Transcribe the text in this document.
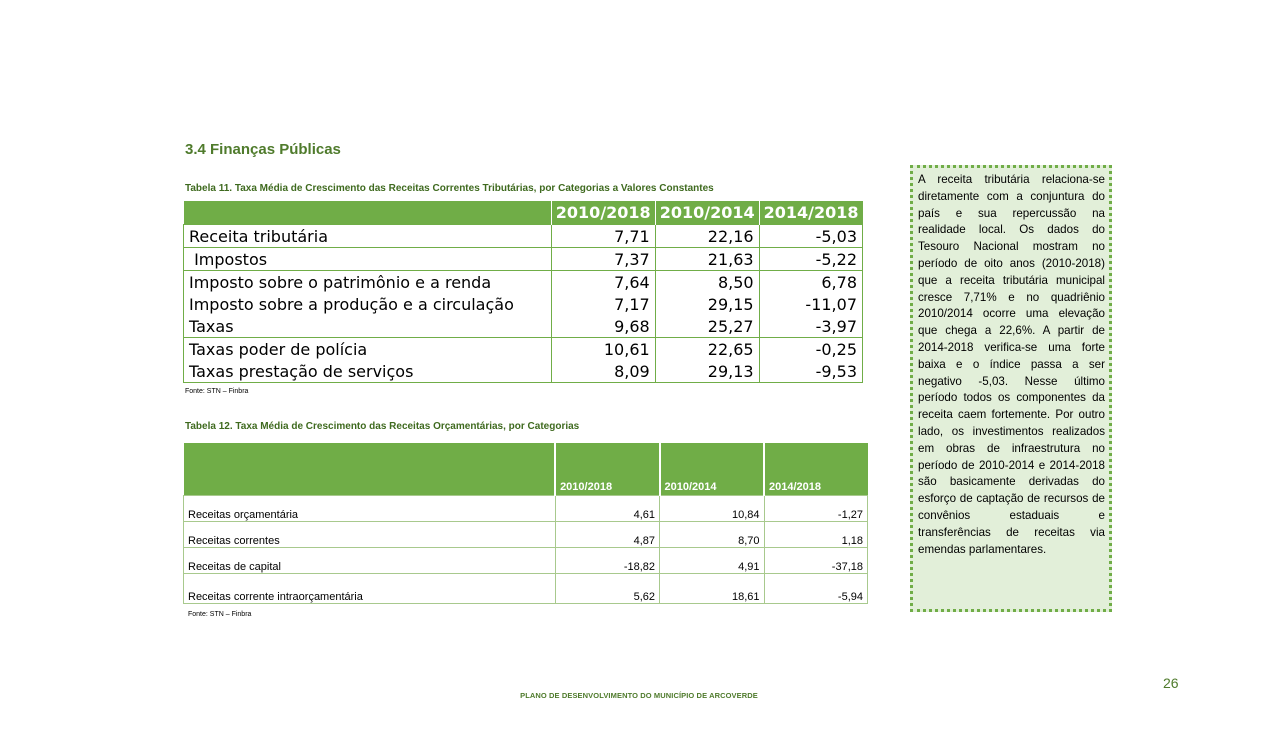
3.4 Finanças Públicas
Tabela 11. Taxa Média de Crescimento das Receitas Correntes Tributárias, por Categorias a Valores Constantes
	2010/2018	2010/2014	2014/2018
Receita tributária	7,71	22,16	-5,03
Impostos	7,37	21,63	-5,22
Imposto sobre o patrimônio e a renda	7,64	8,50	6,78
Imposto sobre a produção e a circulação	7,17	29,15	-11,07
Taxas	9,68	25,27	-3,97
Taxas poder de polícia	10,61	22,65	-0,25
Taxas prestação de serviços	8,09	29,13	-9,53
Fonte: STN – Finbra
Tabela 12. Taxa Média de Crescimento das Receitas Orçamentárias, por Categorias
	2010/2018	2010/2014	2014/2018
Receitas orçamentária	4,61	10,84	-1,27
Receitas correntes	4,87	8,70	1,18
Receitas de capital	-18,82	4,91	-37,18
Receitas corrente intraorçamentária	5,62	18,61	-5,94
Fonte: STN – Finbra
A receita tributária relaciona-se diretamente com a conjuntura do país e sua repercussão na realidade local. Os dados do Tesouro Nacional mostram no período de oito anos (2010-2018) que a receita tributária municipal cresce 7,71% e no quadriênio 2010/2014 ocorre uma elevação que chega a 22,6%. A partir de 2014-2018 verifica-se uma forte baixa e o índice passa a ser negativo -5,03. Nesse último período todos os componentes da receita caem fortemente. Por outro lado, os investimentos realizados em obras de infraestrutura no período de 2010-2014 e 2014-2018 são basicamente derivadas do esforço de captação de recursos de convênios estaduais e transferências de receitas via emendas parlamentares.
26
PLANO DE DESENVOLVIMENTO DO MUNICÍPIO DE ARCOVERDE
